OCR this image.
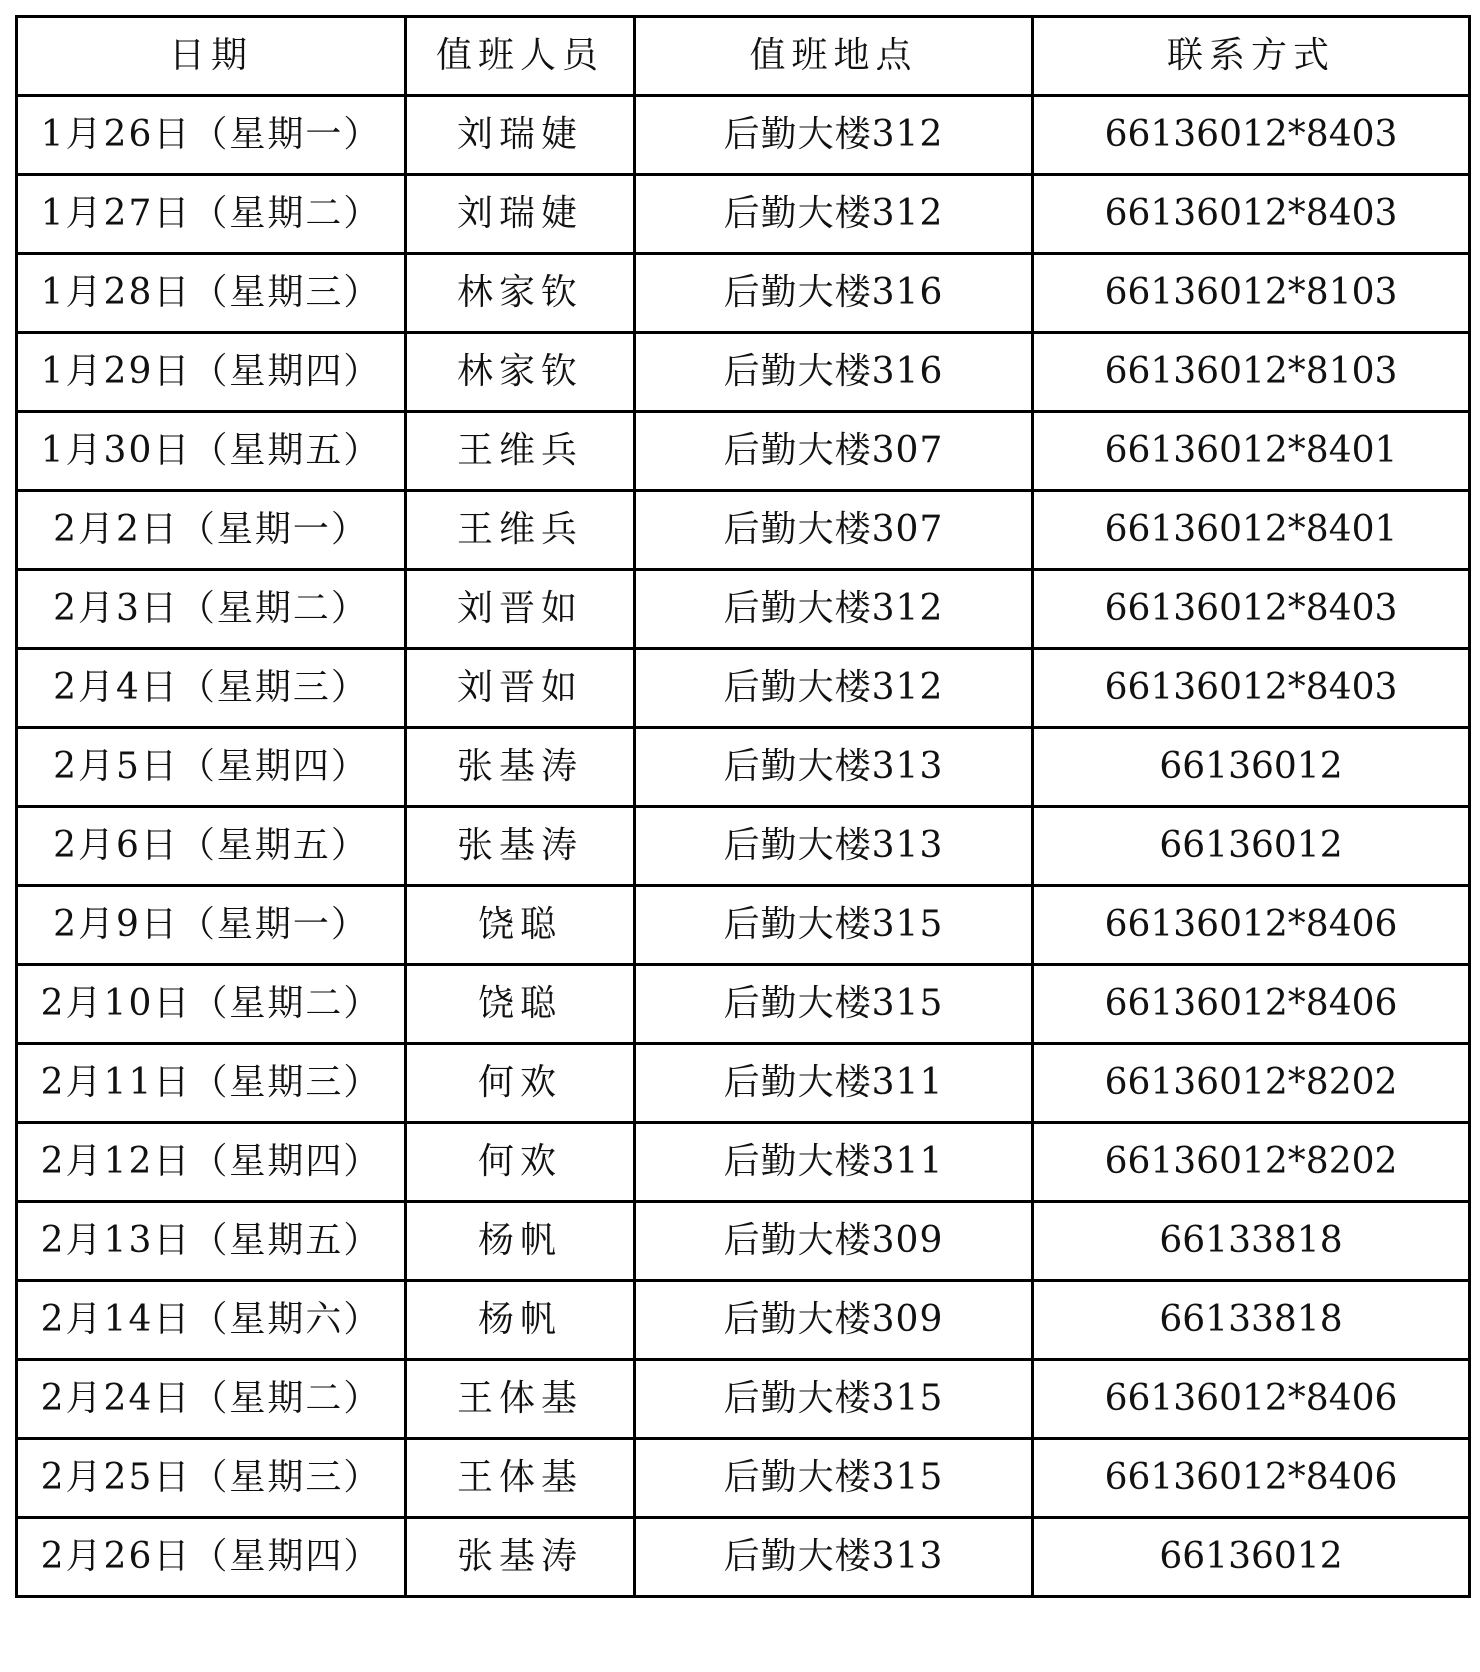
日期	值班人员	值班地点	联系方式
1月26日（星期一）	刘瑞婕	后勤大楼312	66136012*8403
1月27日（星期二）	刘瑞婕	后勤大楼312	66136012*8403
1月28日（星期三）	林家钦	后勤大楼316	66136012*8103
1月29日（星期四）	林家钦	后勤大楼316	66136012*8103
1月30日（星期五）	王维兵	后勤大楼307	66136012*8401
2月2日（星期一）	王维兵	后勤大楼307	66136012*8401
2月3日（星期二）	刘晋如	后勤大楼312	66136012*8403
2月4日（星期三）	刘晋如	后勤大楼312	66136012*8403
2月5日（星期四）	张基涛	后勤大楼313	66136012
2月6日（星期五）	张基涛	后勤大楼313	66136012
2月9日（星期一）	饶聪	后勤大楼315	66136012*8406
2月10日（星期二）	饶聪	后勤大楼315	66136012*8406
2月11日（星期三）	何欢	后勤大楼311	66136012*8202
2月12日（星期四）	何欢	后勤大楼311	66136012*8202
2月13日（星期五）	杨帆	后勤大楼309	66133818
2月14日（星期六）	杨帆	后勤大楼309	66133818
2月24日（星期二）	王体基	后勤大楼315	66136012*8406
2月25日（星期三）	王体基	后勤大楼315	66136012*8406
2月26日（星期四）	张基涛	后勤大楼313	66136012
